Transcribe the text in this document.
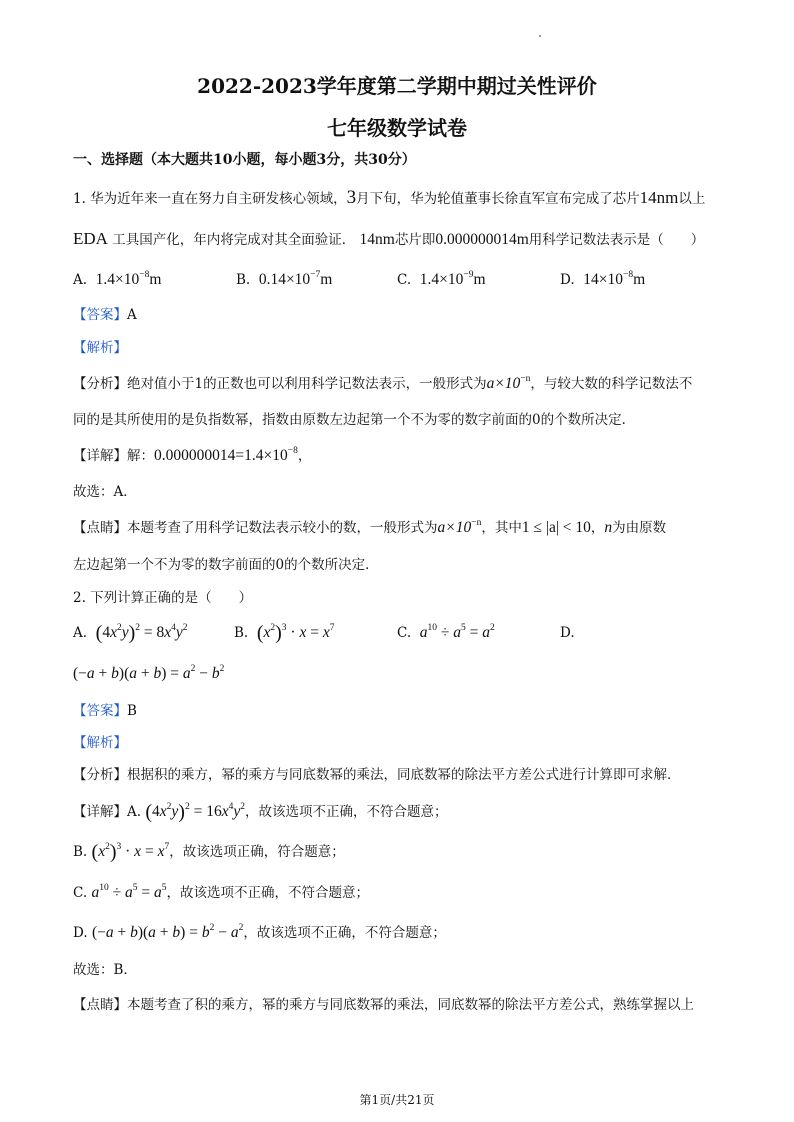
2022-2023学年度第二学期中期过关性评价
七年级数学试卷
一、选择题（本大题共10小题，每小题3分，共30分）
1. 华为近年来一直在努力自主研发核心领域，3月下旬，华为轮值董事长徐直军宣布完成了芯片14nm以上
EDA 工具国产化，年内将完成对其全面验证． 14nm芯片即0.000000014m用科学记数法表示是（　　）
A. $1.4\times 10^{-8}m$	B. $0.14\times 10^{-7}m$	C. $1.4\times 10^{-9}m$	D. $14\times 10^{-8}m$
【答案】A
【解析】
【分析】绝对值小于1的正数也可以利用科学记数法表示，一般形式为$a\times 10^{-n}$，与较大数的科学记数法不
同的是其所使用的是负指数幂，指数由原数左边起第一个不为零的数字前面的0的个数所决定．
【详解】解：$0.000000014=1.4\times 10^{-8}$，
故选：A．
【点睛】本题考查了用科学记数法表示较小的数，一般形式为$a\times 10^{-n}$，其中1 ≤ |a| < 10，n为由原数
左边起第一个不为零的数字前面的0的个数所决定．
2. 下列计算正确的是（　　）
A. $(4x^2y)^2 = 8x^4y^2$	B. $(x^2)^3 \cdot x = x^7$	C. $a^{10} \div a^5 = a^2$	D.
$(-a + b)(a + b) = a^2 - b^2$
【答案】B
【解析】
【分析】根据积的乘方，幂的乘方与同底数幂的乘法，同底数幂的除法平方差公式进行计算即可求解．
【详解】A. $(4x^2y)^2 = 16x^4y^2$，故该选项不正确，不符合题意；
B. $(x^2)^3 \cdot x = x^7$，故该选项正确，符合题意；
C. $a^{10} \div a^5 = a^5$，故该选项不正确，不符合题意；
D. $(-a + b)(a + b) = b^2 - a^2$，故该选项不正确，不符合题意；
故选：B．
【点睛】本题考查了积的乘方，幂的乘方与同底数幂的乘法，同底数幂的除法平方差公式，熟练掌握以上
第1页/共21页
